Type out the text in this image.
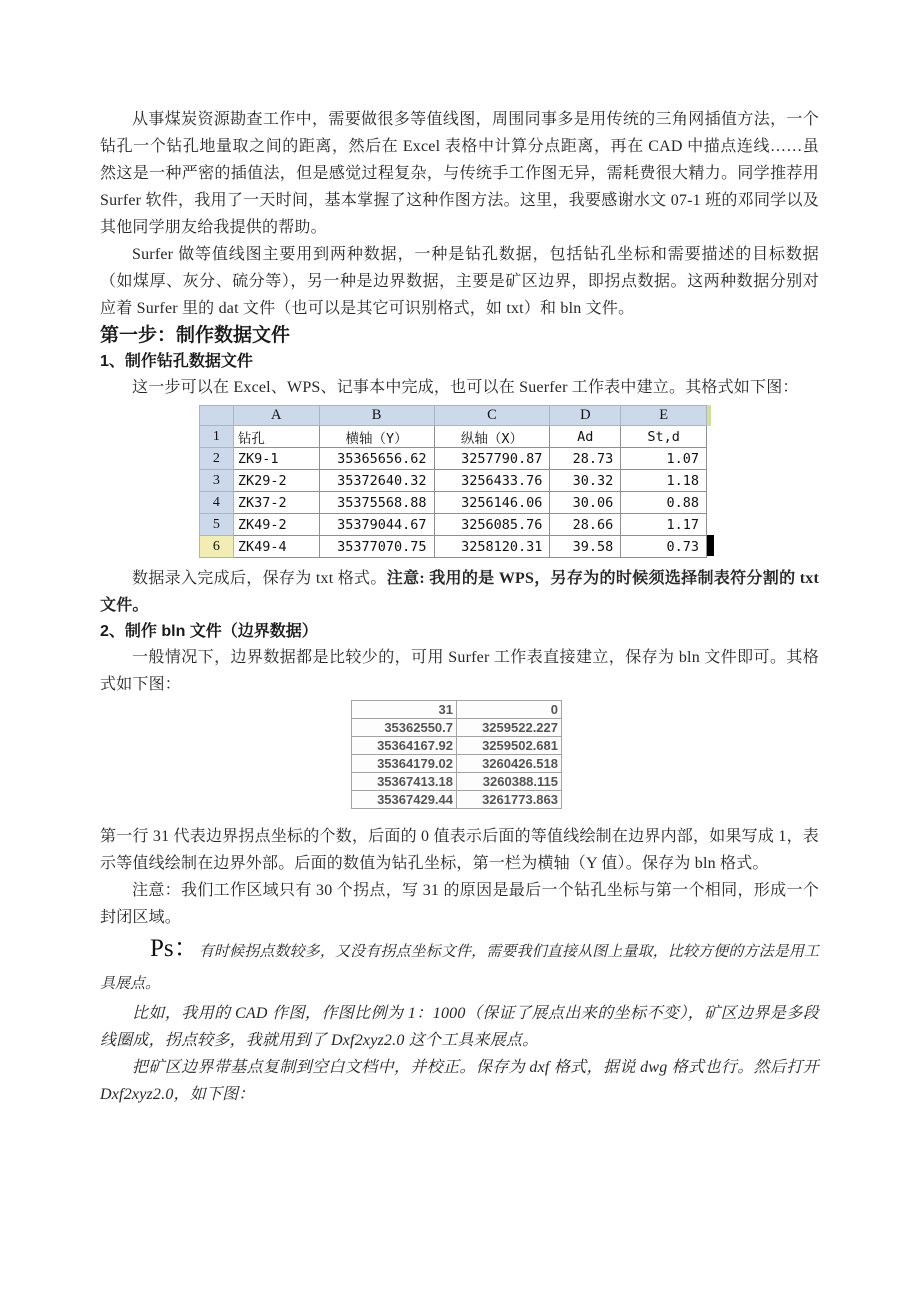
从事煤炭资源勘查工作中，需要做很多等值线图，周围同事多是用传统的三角网插值方法，一个钻孔一个钻孔地量取之间的距离，然后在 Excel 表格中计算分点距离，再在 CAD 中描点连线……虽然这是一种严密的插值法，但是感觉过程复杂，与传统手工作图无异，需耗费很大精力。同学推荐用 Surfer 软件，我用了一天时间，基本掌握了这种作图方法。这里，我要感谢水文 07-1 班的邓同学以及其他同学朋友给我提供的帮助。

Surfer 做等值线图主要用到两种数据，一种是钻孔数据，包括钻孔坐标和需要描述的目标数据（如煤厚、灰分、硫分等），另一种是边界数据，主要是矿区边界，即拐点数据。这两种数据分别对应着 Surfer 里的 dat 文件（也可以是其它可识别格式，如 txt）和 bln 文件。

第一步：制作数据文件
1、制作钻孔数据文件

这一步可以在 Excel、WPS、记事本中完成，也可以在 Suerfer 工作表中建立。其格式如下图：

	A	B	C	D	E
1	钻孔	横轴（Y）	纵轴（X）	Ad	St,d
2	ZK9-1	35365656.62	3257790.87	28.73	1.07
3	ZK29-2	35372640.32	3256433.76	30.32	1.18
4	ZK37-2	35375568.88	3256146.06	30.06	0.88
5	ZK49-2	35379044.67	3256085.76	28.66	1.17
6	ZK49-4	35377070.75	3258120.31	39.58	0.73

数据录入完成后，保存为 txt 格式。注意: 我用的是 WPS，另存为的时候须选择制表符分割的 txt 文件。

2、制作 bln 文件（边界数据）

一般情况下，边界数据都是比较少的，可用 Surfer 工作表直接建立，保存为 bln 文件即可。其格式如下图：

31	0
35362550.7	3259522.227
35364167.92	3259502.681
35364179.02	3260426.518
35367413.18	3260388.115
35367429.44	3261773.863

第一行 31 代表边界拐点坐标的个数，后面的 0 值表示后面的等值线绘制在边界内部，如果写成 1，表示等值线绘制在边界外部。后面的数值为钻孔坐标，第一栏为横轴（Y 值）。保存为 bln 格式。

注意：我们工作区域只有 30 个拐点，写 31 的原因是最后一个钻孔坐标与第一个相同，形成一个封闭区域。

Ps：有时候拐点数较多，又没有拐点坐标文件，需要我们直接从图上量取，比较方便的方法是用工具展点。

比如，我用的 CAD 作图，作图比例为 1：1000（保证了展点出来的坐标不变），矿区边界是多段线圈成，拐点较多，我就用到了 Dxf2xyz2.0 这个工具来展点。

把矿区边界带基点复制到空白文档中，并校正。保存为 dxf 格式，据说 dwg 格式也行。然后打开 Dxf2xyz2.0，如下图：
